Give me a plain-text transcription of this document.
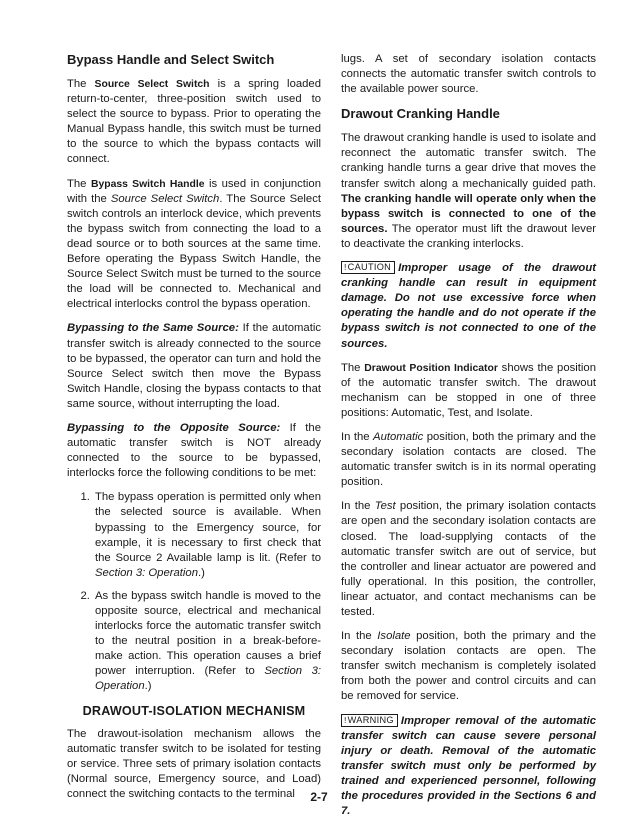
Bypass Handle and Select Switch

The Source Select Switch is a spring loaded return-to-center, three-position switch used to select the source to bypass. Prior to operating the Manual Bypass handle, this switch must be turned to the source to which the bypass contacts will connect.

The Bypass Switch Handle is used in conjunction with the Source Select Switch. The Source Select switch controls an interlock device, which prevents the bypass switch from connecting the load to a dead source or to both sources at the same time. Before operating the Bypass Switch Handle, the Source Select Switch must be turned to the source the load will be connected to. Mechanical and electrical interlocks control the bypass operation.

Bypassing to the Same Source: If the automatic transfer switch is already connected to the source to be bypassed, the operator can turn and hold the Source Select switch then move the Bypass Switch Handle, closing the bypass contacts to that same source, without interrupting the load.

Bypassing to the Opposite Source: If the automatic transfer switch is NOT already connected to the source to be bypassed, interlocks force the following conditions to be met:

1. The bypass operation is permitted only when the selected source is available. When bypassing to the Emergency source, for example, it is necessary to first check that the Source 2 Available lamp is lit. (Refer to Section 3: Operation.)
2. As the bypass switch handle is moved to the opposite source, electrical and mechanical interlocks force the automatic transfer switch to the neutral position in a break-before-make action. This operation causes a brief power interruption. (Refer to Section 3: Operation.)
DRAWOUT-ISOLATION MECHANISM

The drawout-isolation mechanism allows the automatic transfer switch to be isolated for testing or service. Three sets of primary isolation contacts (Normal source, Emergency source, and Load) connect the switching contacts to the terminal

lugs. A set of secondary isolation contacts connects the automatic transfer switch controls to the available power source.

Drawout Cranking Handle

The drawout cranking handle is used to isolate and reconnect the automatic transfer switch. The cranking handle turns a gear drive that moves the transfer switch along a mechanically guided path. The cranking handle will operate only when the bypass switch is connected to one of the sources. The operator must lift the drawout lever to deactivate the cranking interlocks.

!CAUTION Improper usage of the drawout cranking handle can result in equipment damage. Do not use excessive force when operating the handle and do not operate if the bypass switch is not connected to one of the sources.

The Drawout Position Indicator shows the position of the automatic transfer switch. The drawout mechanism can be stopped in one of three positions: Automatic, Test, and Isolate.

In the Automatic position, both the primary and the secondary isolation contacts are closed. The automatic transfer switch is in its normal operating position.

In the Test position, the primary isolation contacts are open and the secondary isolation contacts are closed. The load-supplying contacts of the automatic transfer switch are out of service, but the controller and linear actuator are powered and fully operational. In this position, the controller, linear actuator, and contact mechanisms can be tested.

In the Isolate position, both the primary and the secondary isolation contacts are open. The transfer switch mechanism is completely isolated from both the power and control circuits and can be removed for service.

!WARNING Improper removal of the automatic transfer switch can cause severe personal injury or death. Removal of the automatic transfer switch must only be performed by trained and experienced personnel, following the procedures provided in the Sections 6 and 7.

2-7
